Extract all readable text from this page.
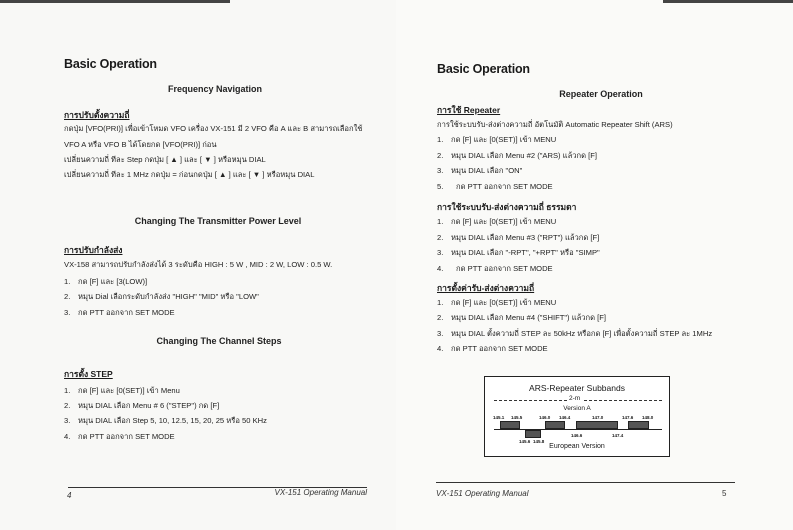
Basic Operation
Frequency Navigation
การปรับตั้งความถี่
กดปุ่ม [VFO(PRI)] เพื่อเข้าโหมด VFO เครื่อง VX-151 มี 2 VFO คือ A และ B สามารถเลือกใช้
VFO A หรือ VFO B ได้โดยกด [VFO(PRI)] ก่อน
เปลี่ยนความถี่ ทีละ Step กดปุ่ม [ ▲ ] และ [ ▼ ] หรือหมุน DIAL
เปลี่ยนความถี่ ทีละ 1 MHz กดปุ่ม = ก่อนกดปุ่ม [ ▲ ] และ [ ▼ ] หรือหมุน DIAL
Changing The Transmitter Power Level
การปรับกำลังส่ง
VX-158 สามารถปรับกำลังส่งได้ 3 ระดับคือ HIGH : 5 W , MID : 2 W, LOW : 0.5 W.
1. กด [F] และ [3(LOW)]
2. หมุน Dial เลือกระดับกำลังส่ง "HIGH" "MID" หรือ "LOW"
3. กด PTT ออกจาก SET MODE
Changing The Channel Steps
การตั้ง STEP
1. กด [F] และ [0(SET)] เข้า Menu
2. หมุน DIAL เลือก Menu # 6 ("STEP") กด [F]
3. หมุน DIAL เลือก Step 5, 10, 12.5, 15, 20, 25 หรือ 50 KHz
4. กด PTT ออกจาก SET MODE
4	VX-151 Operating Manual
Basic Operation
Repeater Operation
การใช้ Repeater
การใช้ระบบรับ-ส่งต่างความถี่ อัตโนมัติ Automatic Repeater Shift (ARS)
1. กด [F] และ [0(SET)] เข้า MENU
2. หมุน DIAL เลือก Menu #2 ("ARS) แล้วกด [F]
3. หมุน DIAL เลือก "ON"
5. กด PTT ออกจาก SET MODE
การใช้ระบบรับ-ส่งต่างความถี่ ธรรมดา
1. กด [F] และ [0(SET)] เข้า MENU
2. หมุน DIAL เลือก Menu #3 ("RPT") แล้วกด [F]
3. หมุน DIAL เลือก "-RPT", "+RPT" หรือ "SIMP"
4. กด PTT ออกจาก SET MODE
การตั้งค่ารับ-ส่งต่างความถี่
1. กด [F] และ [0(SET)] เข้า MENU
2. หมุน DIAL เลือก Menu #4 ("SHIFT") แล้วกด [F]
3. หมุน DIAL ตั้งความถี่ STEP ละ 50kHz หรือกด [F] เพื่อตั้งความถี่ STEP ละ 1MHz
4. กด PTT ออกจาก SET MODE
ARS-Repeater Subbands
2-m
Version A
145.1 145.5	146.0 146.4	147.0	147.6 148.0
146.6	147.4
145.6 145.8
European Version
VX-151 Operating Manual	5
